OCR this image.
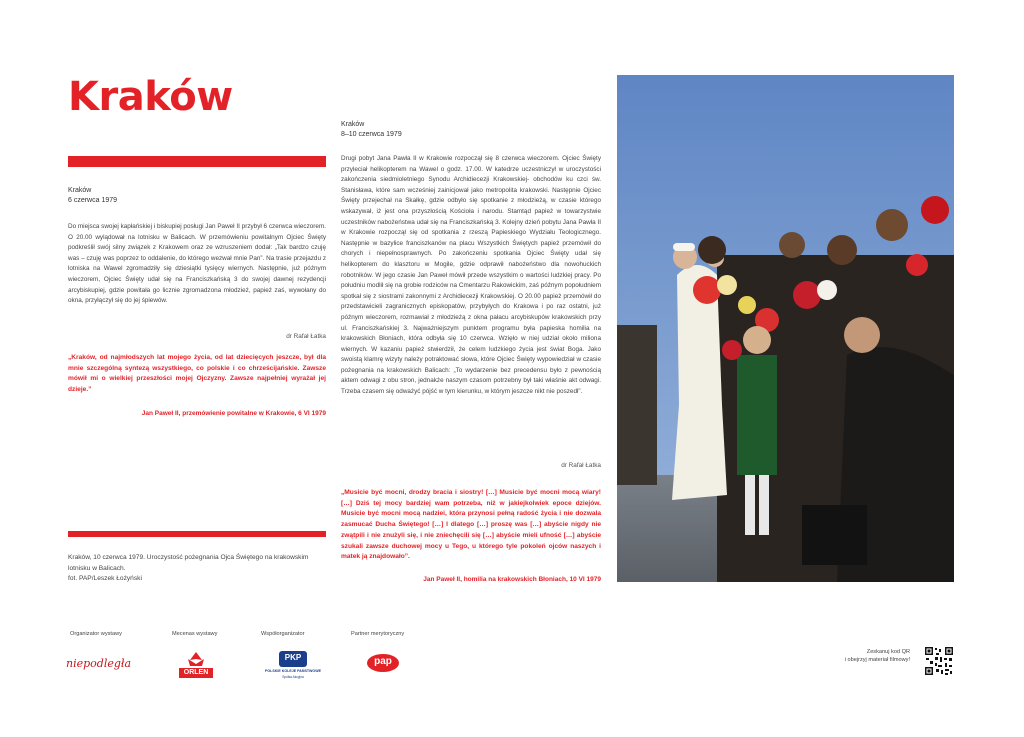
Kraków
Kraków
6 czerwca 1979
Do miejsca swojej kapłańskiej i biskupiej posługi Jan Paweł II przybył 6 czerwca wieczorem. O 20.00 wylądował na lotnisku w Balicach. W przemówieniu powitalnym Ojciec Święty podkreślił swój silny związek z Krakowem oraz ze wzruszeniem dodał: „Tak bardzo czuję was – czuję was poprzez to oddalenie, do którego wezwał mnie Pan”. Na trasie przejazdu z lotniska na Wawel zgromadziły się dziesiątki tysięcy wiernych. Następnie, już późnym wieczorem, Ojciec Święty udał się na Franciszkańską 3 do swojej dawnej rezydencji arcybiskupiej, gdzie powitała go licznie zgromadzona młodzież, papież zaś, wywołany do okna, przyłączył się do jej śpiewów.
dr Rafał Łatka
„Kraków, od najmłodszych lat mojego życia, od lat dziecięcych jeszcze, był dla mnie szczególną syntezą wszystkiego, co polskie i co chrześcijańskie. Zawsze mówił mi o wielkiej przeszłości mojej Ojczyzny. Zawsze najpełniej wyrażał jej dzieje.”
Jan Paweł II, przemówienie powitalne w Krakowie, 6 VI 1979
Kraków, 10 czerwca 1979. Uroczystość pożegnania Ojca Świętego na krakowskim lotnisku w Balicach.
fot. PAP/Leszek Łożyński
Kraków
8–10 czerwca 1979
Drugi pobyt Jana Pawła II w Krakowie rozpoczął się 8 czerwca wieczorem. Ojciec Święty przyleciał helikopterem na Wawel o godz. 17.00. W katedrze uczestniczył w uroczystości zakończenia siedmioletniego Synodu Archidiecezji Krakowskiej- obchodów ku czci św. Stanisława, które sam wcześniej zainicjował jako metropolita krakowski. Następnie Ojciec Święty przejechał na Skałkę, gdzie odbyło się spotkanie z młodzieżą, w czasie którego wskazywał, iż jest ona przyszłością Kościoła i narodu. Stamtąd papież w towarzystwie uczestników nabożeństwa udał się na Franciszkańską 3. Kolejny dzień pobytu Jana Pawła II w Krakowie rozpoczął się od spotkania z rzeszą Papieskiego Wydziału Teologicznego. Następnie w bazylice franciszkanów na placu Wszystkich Świętych papież przemówił do chorych i niepełnosprawnych. Po zakończeniu spotkania Ojciec Święty udał się helikopterem do klasztoru w Mogile, gdzie odprawił nabożeństwo dla nowohuckich robotników. W jego czasie Jan Paweł mówił przede wszystkim o wartości ludzkiej pracy. Po południu modlił się na grobie rodziców na Cmentarzu Rakowickim, zaś późnym popołudniem spotkał się z siostrami zakonnymi z Archidiecezji Krakowskiej. O 20.00 papież przemówił do przedstawicieli zagranicznych episkopatów, przybyłych do Krakowa i po raz ostatni, już późnym wieczorem, rozmawiał z młodzieżą z okna pałacu arcybiskupów krakowskich przy ul. Franciszkańskiej 3. Najważniejszym punktem programu była papieska homilia na krakowskich Błoniach, która odbyła się 10 czerwca. Wzięło w niej udział około miliona wiernych. W kazaniu papież stwierdził, że celem ludzkiego życia jest świat Boga. Jako swoistą klamrę wizyty należy potraktować słowa, które Ojciec Święty wypowiedział w czasie pożegnania na krakowskich Balicach: „To wydarzenie bez precedensu było z pewnością aktem odwagi z obu stron, jednakże naszym czasom potrzebny był taki właśnie akt odwagi. Trzeba czasem się odważyć pójść w tym kierunku, w którym jeszcze nikt nie poszedł”.
dr Rafał Łatka
„Musicie być mocni, drodzy bracia i siostry! […] Musicie być mocni mocą wiary! […] Dziś tej mocy bardziej wam potrzeba, niż w jakiejkolwiek epoce dziejów. Musicie być mocni mocą nadziei, która przynosi pełną radość życia i nie dozwala zasmucać Ducha Świętego! […] I dlatego […] proszę was […] abyście nigdy nie zwątpili i nie znużyli się, i nie zniechęcili się […] abyście mieli ufność […] abyście szukali zawsze duchowej mocy u Tego, u którego tyle pokoleń ojców naszych i matek ją znajdowało”.
Jan Paweł II, homilia na krakowskich Błoniach, 10 VI 1979
Organizator wystawy	Mecenas wystawy	Współorganizator	Partner merytoryczny
niepodległa
ORLEN
PKP
POLSKIE KOLEJE PAŃSTWOWE
Spółka Akcyjna
pap
Zeskanuj kod QR
i obejrzyj materiał filmowy!
